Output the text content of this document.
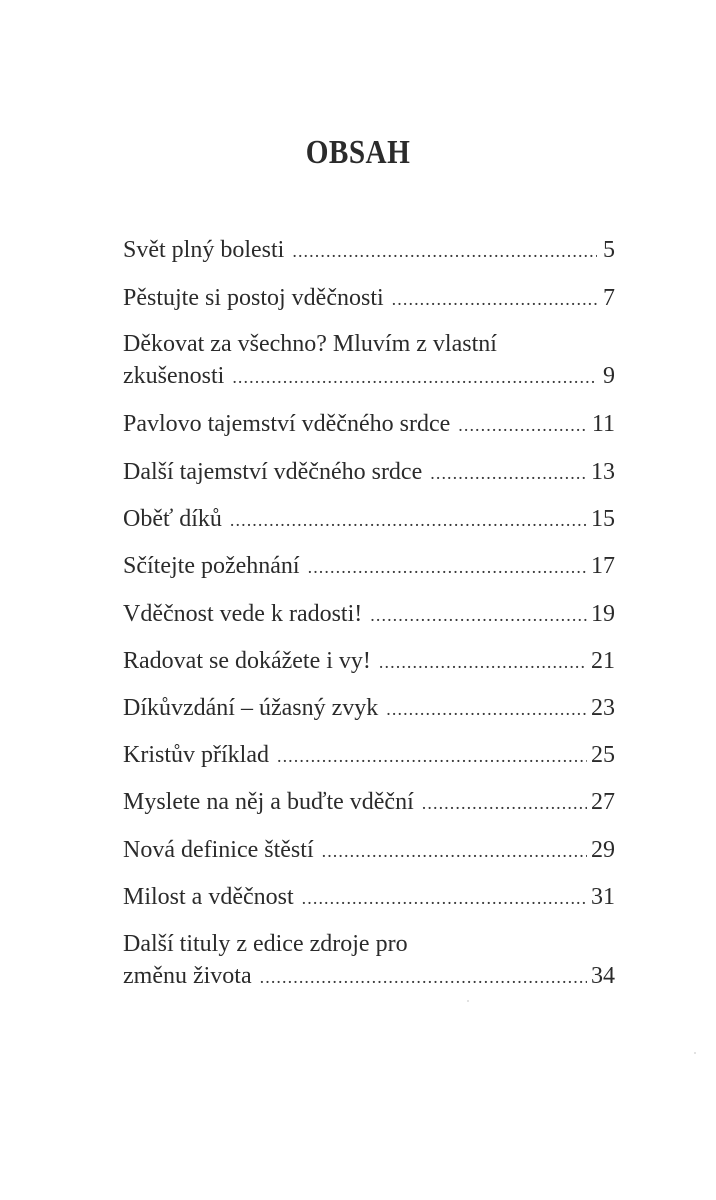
OBSAH
Svět plný bolesti .....	5
Pěstujte si postoj vděčnosti .....	7
Děkovat za všechno? Mluvím z vlastní
zkušenosti .....	9
Pavlovo tajemství vděčného srdce .....	11
Další tajemství vděčného srdce .....	13
Oběť díků .....	15
Sčítejte požehnání .....	17
Vděčnost vede k radosti! .....	19
Radovat se dokážete i vy! .....	21
Díkůvzdání – úžasný zvyk .....	23
Kristův příklad .....	25
Myslete na něj a buďte vděční .....	27
Nová definice štěstí .....	29
Milost a vděčnost .....	31
Další tituly z edice zdroje pro
změnu života .....	34
